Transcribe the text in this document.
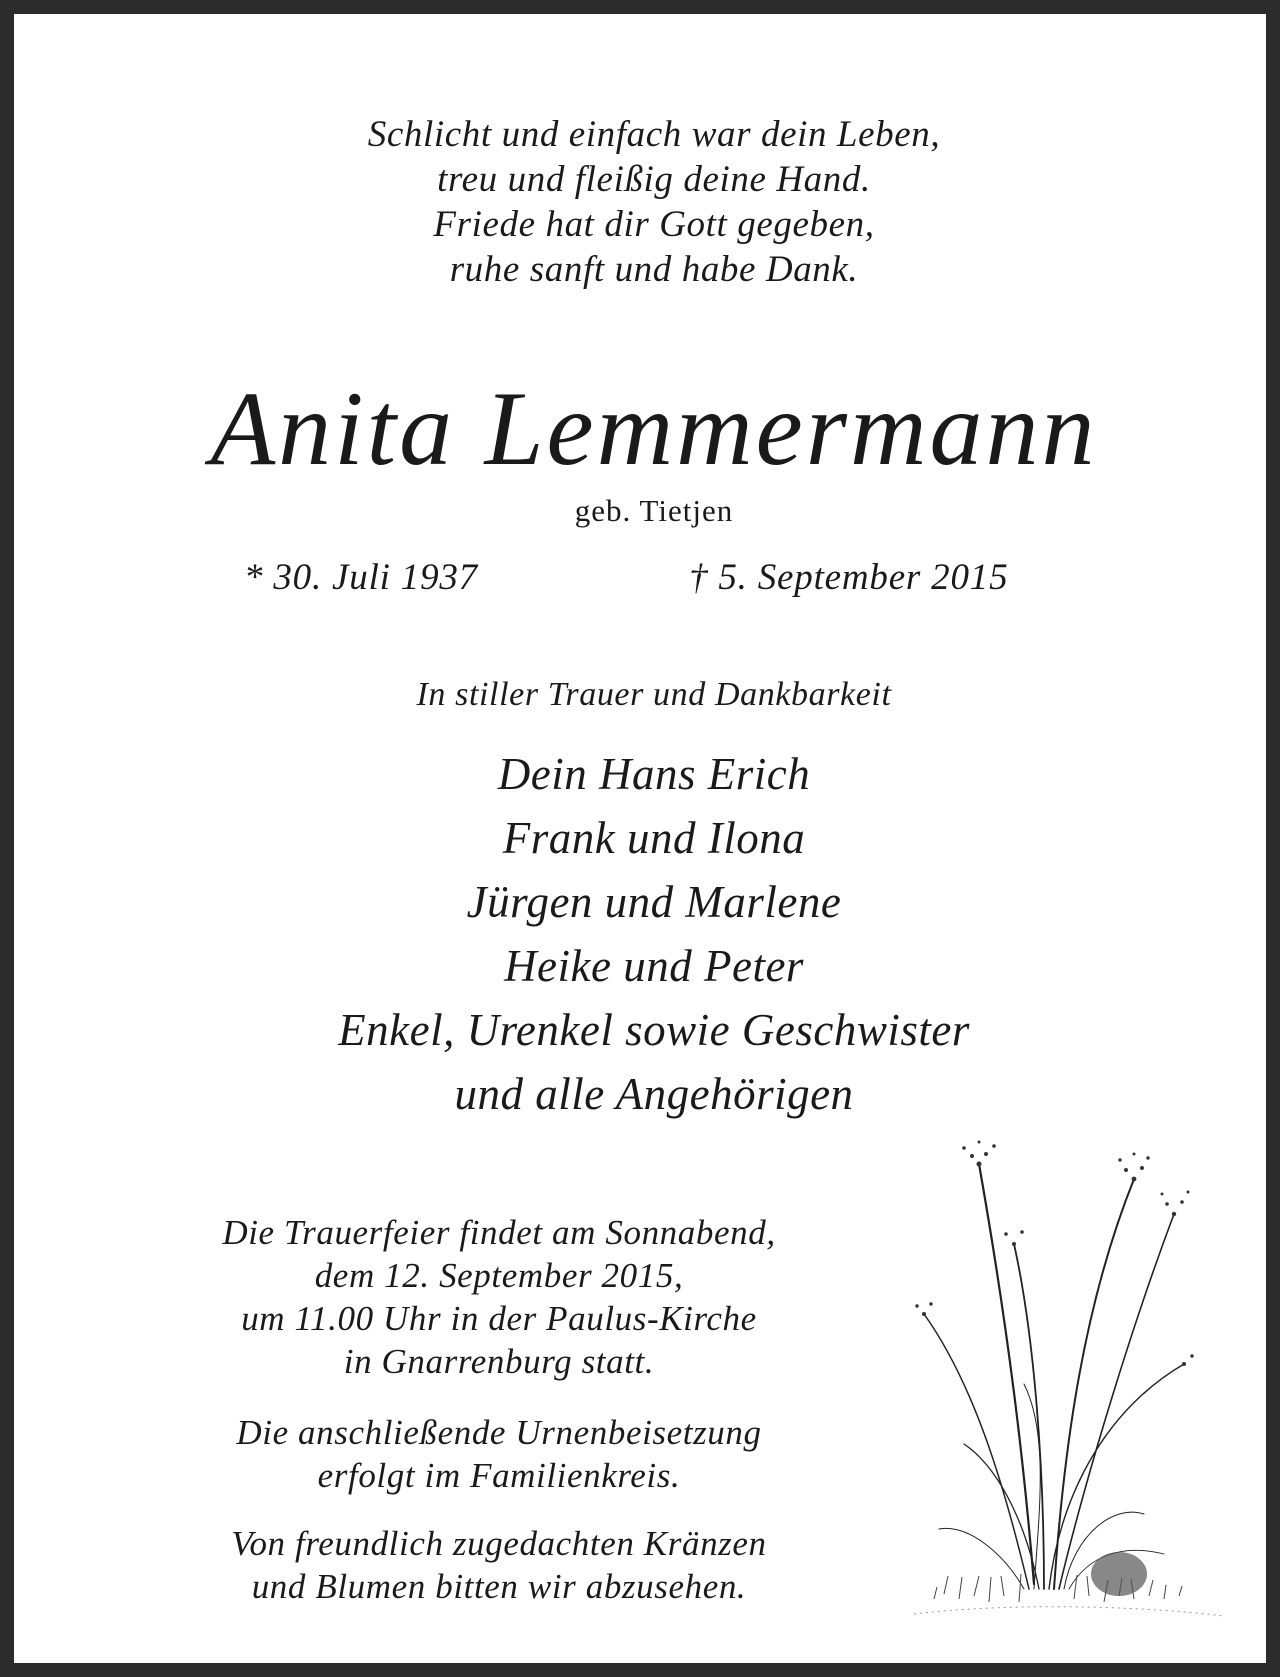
Schlicht und einfach war dein Leben,
treu und fleißig deine Hand.
Friede hat dir Gott gegeben,
ruhe sanft und habe Dank.
Anita Lemmermann
geb. Tietjen
* 30. Juli 1937	† 5. September 2015
In stiller Trauer und Dankbarkeit
Dein Hans Erich
Frank und Ilona
Jürgen und Marlene
Heike und Peter
Enkel, Urenkel sowie Geschwister
und alle Angehörigen
Die Trauerfeier findet am Sonnabend,
dem 12. September 2015,
um 11.00 Uhr in der Paulus-Kirche
in Gnarrenburg statt.
Die anschließende Urnenbeisetzung
erfolgt im Familienkreis.
Von freundlich zugedachten Kränzen
und Blumen bitten wir abzusehen.
